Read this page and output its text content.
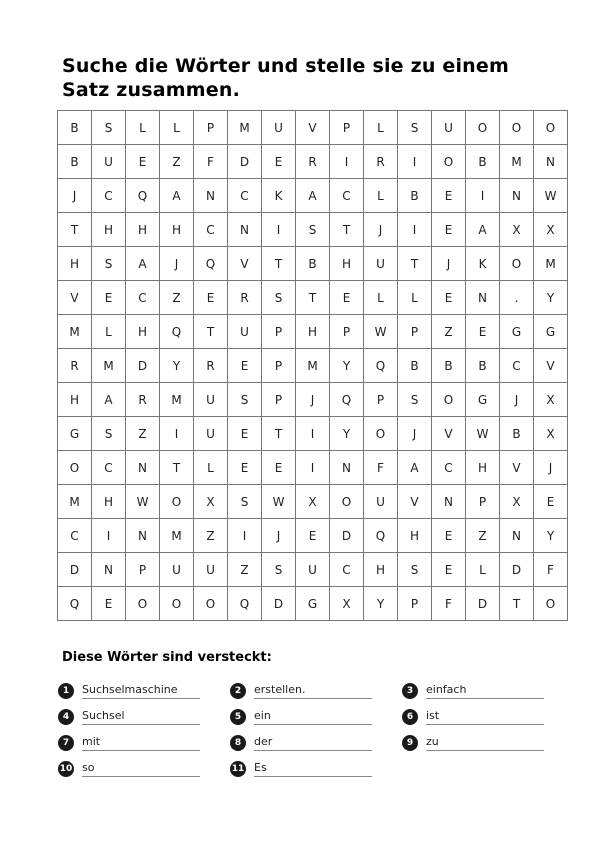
Suche die Wörter und stelle sie zu einem Satz zusammen.
B	S	L	L	P	M	U	V	P	L	S	U	O	O	O
B	U	E	Z	F	D	E	R	I	R	I	O	B	M	N
J	C	Q	A	N	C	K	A	C	L	B	E	I	N	W
T	H	H	H	C	N	I	S	T	J	I	E	A	X	X
H	S	A	J	Q	V	T	B	H	U	T	J	K	O	M
V	E	C	Z	E	R	S	T	E	L	L	E	N	.	Y
M	L	H	Q	T	U	P	H	P	W	P	Z	E	G	G
R	M	D	Y	R	E	P	M	Y	Q	B	B	B	C	V
H	A	R	M	U	S	P	J	Q	P	S	O	G	J	X
G	S	Z	I	U	E	T	I	Y	O	J	V	W	B	X
O	C	N	T	L	E	E	I	N	F	A	C	H	V	J
M	H	W	O	X	S	W	X	O	U	V	N	P	X	E
C	I	N	M	Z	I	J	E	D	Q	H	E	Z	N	Y
D	N	P	U	U	Z	S	U	C	H	S	E	L	D	F
Q	E	O	O	O	Q	D	G	X	Y	P	F	D	T	O
Diese Wörter sind versteckt:
1	Suchselmaschine	2	erstellen.	3	einfach
4	Suchsel	5	ein	6	ist
7	mit	8	der	9	zu
10 so	11 Es
